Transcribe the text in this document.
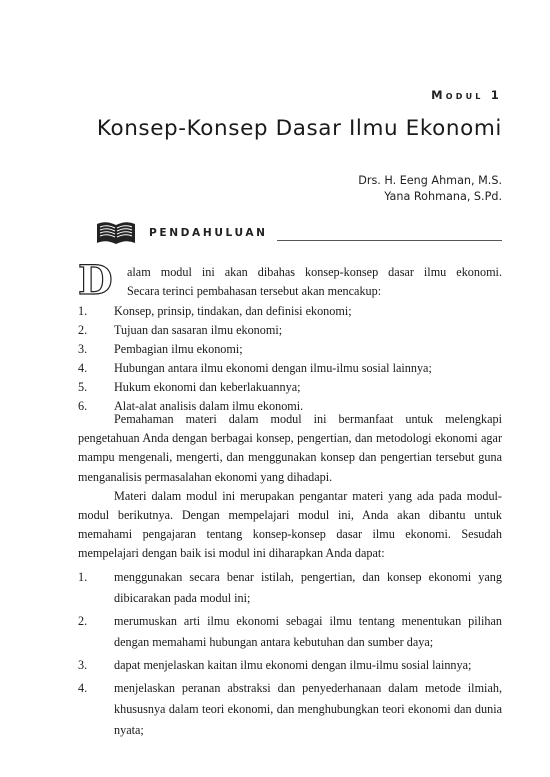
Modul 1
Konsep-Konsep Dasar Ilmu Ekonomi
Drs. H. Eeng Ahman, M.S.
Yana Rohmana, S.Pd.
PENDAHULUAN
D	alam modul ini akan dibahas konsep-konsep dasar ilmu ekonomi.
Secara terinci pembahasan tersebut akan mencakup:
1.	Konsep, prinsip, tindakan, dan definisi ekonomi;
2.	Tujuan dan sasaran ilmu ekonomi;
3.	Pembagian ilmu ekonomi;
4.	Hubungan antara ilmu ekonomi dengan ilmu-ilmu sosial lainnya;
5.	Hukum ekonomi dan keberlakuannya;
6.	Alat-alat analisis dalam ilmu ekonomi.

Pemahaman materi dalam modul ini bermanfaat untuk melengkapi pengetahuan Anda dengan berbagai konsep, pengertian, dan metodologi ekonomi agar mampu mengenali, mengerti, dan menggunakan konsep dan pengertian tersebut guna menganalisis permasalahan ekonomi yang dihadapi.

Materi dalam modul ini merupakan pengantar materi yang ada pada modul-modul berikutnya. Dengan mempelajari modul ini, Anda akan dibantu untuk memahami pengajaran tentang konsep-konsep dasar ilmu ekonomi. Sesudah mempelajari dengan baik isi modul ini diharapkan Anda dapat:

1.	menggunakan secara benar istilah, pengertian, dan konsep ekonomi yang dibicarakan pada modul ini;
2.	merumuskan arti ilmu ekonomi sebagai ilmu tentang menentukan pilihan dengan memahami hubungan antara kebutuhan dan sumber daya;
3.	dapat menjelaskan kaitan ilmu ekonomi dengan ilmu-ilmu sosial lainnya;
4.	menjelaskan peranan abstraksi dan penyederhanaan dalam metode ilmiah, khususnya dalam teori ekonomi, dan menghubungkan teori ekonomi dan dunia nyata;
